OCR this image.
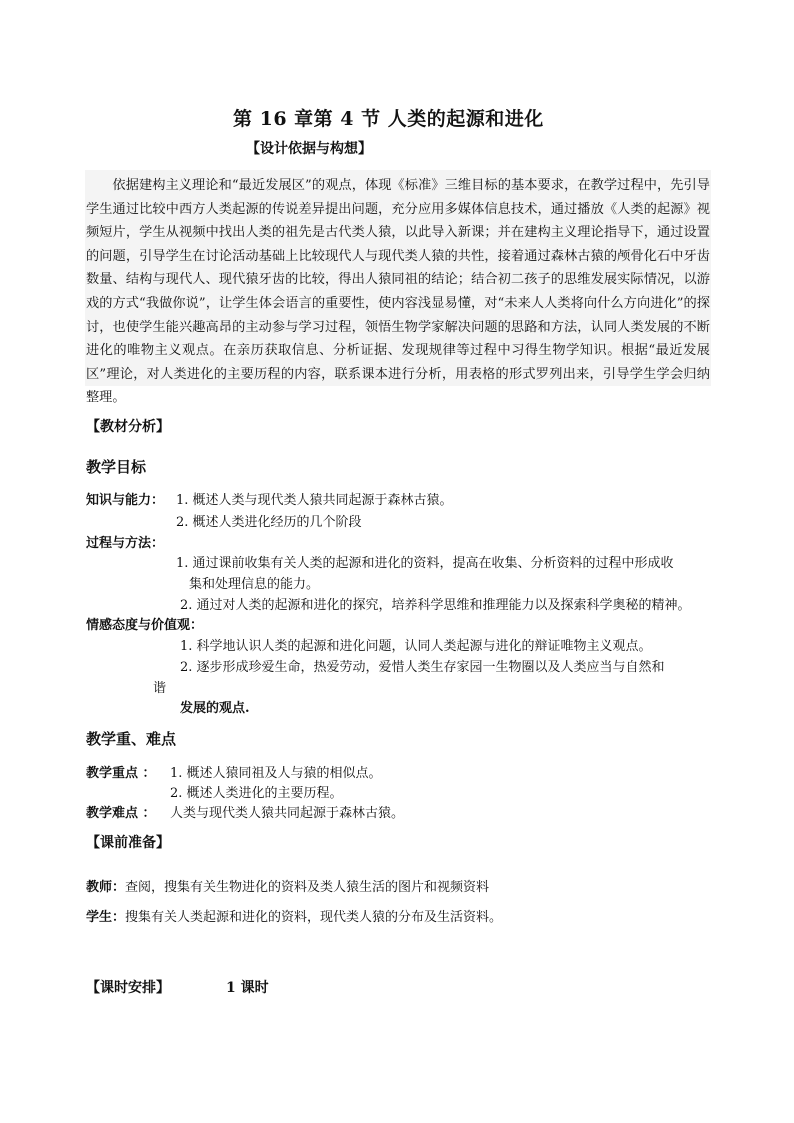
第 16 章第 4 节 人类的起源和进化
【设计依据与构想】

依据建构主义理论和“最近发展区”的观点，体现《标准》三维目标的基本要求，在教学过程中，先引导学生通过比较中西方人类起源的传说差异提出问题，充分应用多媒体信息技术，通过播放《人类的起源》视频短片，学生从视频中找出人类的祖先是古代类人猿，以此导入新课；并在建构主义理论指导下，通过设置的问题，引导学生在讨论活动基础上比较现代人与现代类人猿的共性，接着通过森林古猿的颅骨化石中牙齿数量、结构与现代人、现代猿牙齿的比较，得出人猿同祖的结论；结合初二孩子的思维发展实际情况，以游戏的方式“我做你说”，让学生体会语言的重要性，使内容浅显易懂，对“未来人人类将向什么方向进化”的探讨，也使学生能兴趣高昂的主动参与学习过程，领悟生物学家解决问题的思路和方法，认同人类发展的不断进化的唯物主义观点。在亲历获取信息、分析证据、发现规律等过程中习得生物学知识。根据“最近发展区”理论，对人类进化的主要历程的内容，联系课本进行分析，用表格的形式罗列出来，引导学生学会归纳整理。

【教材分析】
教学目标
知识与能力： 1. 概述人类与现代类人猿共同起源于森林古猿。
2. 概述人类进化经历的几个阶段
过程与方法：
1. 通过课前收集有关人类的起源和进化的资料，提高在收集、分析资料的过程中形成收
集和处理信息的能力。
2. 通过对人类的起源和进化的探究，培养科学思维和推理能力以及探索科学奥秘的精神。
情感态度与价值观：
1. 科学地认识人类的起源和进化问题，认同人类起源与进化的辩证唯物主义观点。
2. 逐步形成珍爱生命，热爱劳动，爱惜人类生存家园一生物圈以及人类应当与自然和
谐
发展的观点.
教学重、难点
教学重点 ： 1. 概述人猿同祖及人与猿的相似点。
2. 概述人类进化的主要历程。
教学难点 ： 人类与现代类人猿共同起源于森林古猿。
【课前准备】
教师：查阅，搜集有关生物进化的资料及类人猿生活的图片和视频资料
学生：搜集有关人类起源和进化的资料，现代类人猿的分布及生活资料。
【课时安排】	1 课时
